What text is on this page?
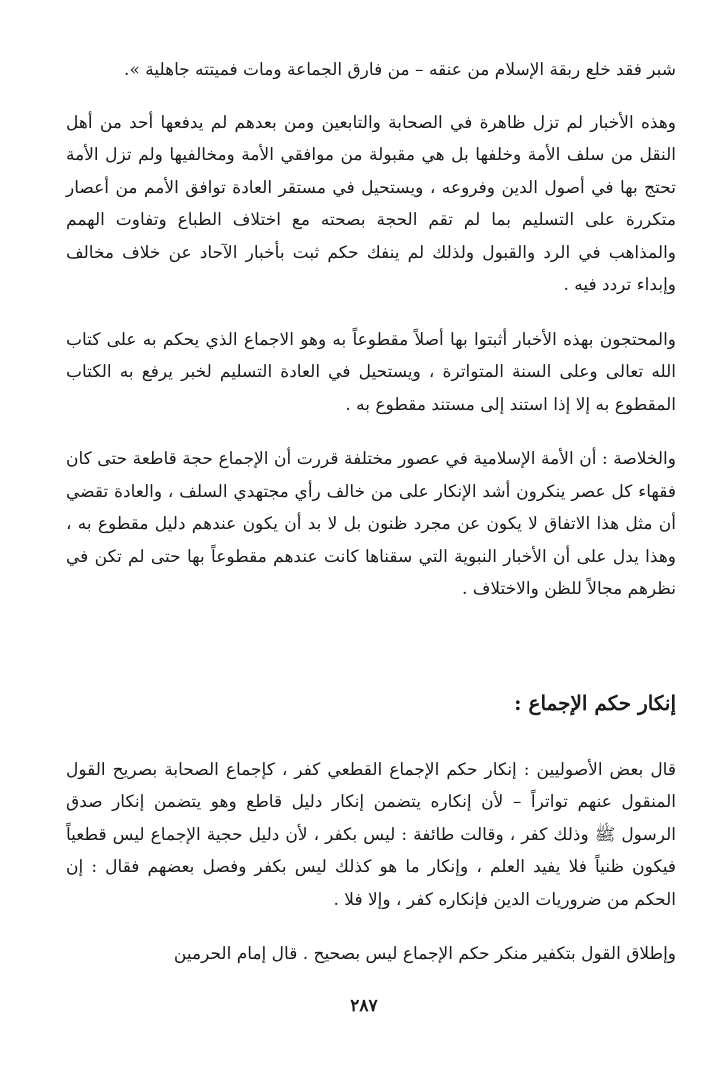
شبر فقد خلع ربقة الإسلام من عنقه – من فارق الجماعة ومات فميتته جاهلية ».

وهذه الأخبار لم تزل ظاهرة في الصحابة والتابعين ومن بعدهم لم يدفعها أحد من أهل النقل من سلف الأمة وخلفها بل هي مقبولة من موافقي الأمة ومخالفيها ولم تزل الأمة تحتج بها في أصول الدين وفروعه ، ويستحيل في مستقر العادة توافق الأمم من أعصار متكررة على التسليم بما لم تقم الحجة بصحته مع اختلاف الطباع وتفاوت الهمم والمذاهب في الرد والقبول ولذلك لم ينفك حكم ثبت بأخبار الآحاد عن خلاف مخالف وإبداء تردد فيه .

والمحتجون بهذه الأخبار أثبتوا بها أصلاً مقطوعاً به وهو الاجماع الذي يحكم به على كتاب الله تعالى وعلى السنة المتواترة ، ويستحيل في العادة التسليم لخبر يرفع به الكتاب المقطوع به إلا إذا استند إلى مستند مقطوع به .

والخلاصة : أن الأمة الإسلامية في عصور مختلفة قررت أن الإجماع حجة قاطعة حتى كان فقهاء كل عصر ينكرون أشد الإنكار على من خالف رأي مجتهدي السلف ، والعادة تقضي أن مثل هذا الاتفاق لا يكون عن مجرد ظنون بل لا بد أن يكون عندهم دليل مقطوع به ، وهذا يدل على أن الأخبار النبوية التي سقناها كانت عندهم مقطوعاً بها حتى لم تكن في نظرهم مجالاً للظن والاختلاف .

إنكار حكم الإجماع :

قال بعض الأصوليين : إنكار حكم الإجماع القطعي كفر ، كإجماع الصحابة بصريح القول المنقول عنهم تواتراً – لأن إنكاره يتضمن إنكار دليل قاطع وهو يتضمن إنكار صدق الرسول ﷺ وذلك كفر ، وقالت طائفة : ليس بكفر ، لأن دليل حجية الإجماع ليس قطعياً فيكون ظنياً فلا يفيد العلم ، وإنكار ما هو كذلك ليس بكفر وفصل بعضهم فقال : إن الحكم من ضروريات الدين فإنكاره كفر ، وإلا فلا .

وإطلاق القول بتكفير منكر حكم الإجماع ليس بصحيح . قال إمام الحرمين

٢٨٧
